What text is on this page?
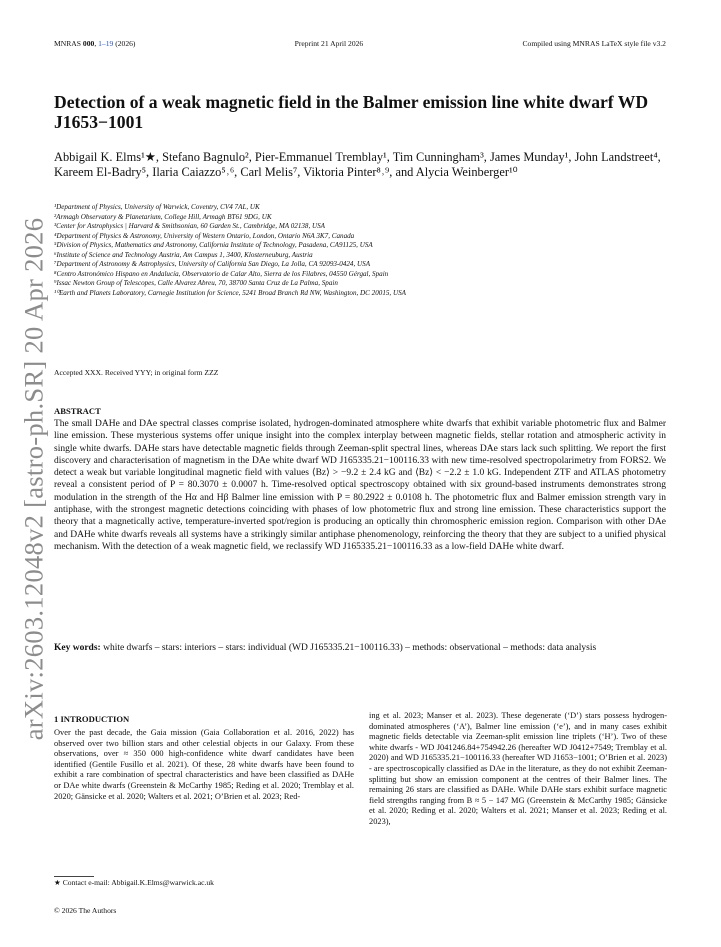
MNRAS 000, 1–19 (2026)	Preprint 21 April 2026	Compiled using MNRAS LaTeX style file v3.2
arXiv:2603.12048v2 [astro-ph.SR] 20 Apr 2026
Detection of a weak magnetic field in the Balmer emission line white dwarf WD J1653−1001
Abbigail K. Elms¹★, Stefano Bagnulo², Pier-Emmanuel Tremblay¹, Tim Cunningham³, James Munday¹, John Landstreet⁴, Kareem El-Badry⁵, Ilaria Caiazzo⁵˒⁶, Carl Melis⁷, Viktoria Pinter⁸˒⁹, and Alycia Weinberger¹⁰
¹Department of Physics, University of Warwick, Coventry, CV4 7AL, UK
²Armagh Observatory & Planetarium, College Hill, Armagh BT61 9DG, UK
³Center for Astrophysics | Harvard & Smithsonian, 60 Garden St., Cambridge, MA 02138, USA
⁴Department of Physics & Astronomy, University of Western Ontario, London, Ontario N6A 3K7, Canada
⁵Division of Physics, Mathematics and Astronomy, California Institute of Technology, Pasadena, CA91125, USA
⁶Institute of Science and Technology Austria, Am Campus 1, 3400, Klosterneuburg, Austria
⁷Department of Astronomy & Astrophysics, University of California San Diego, La Jolla, CA 92093-0424, USA
⁸Centro Astronómico Hispano en Andalucía, Observatorio de Calar Alto, Sierra de los Filabres, 04550 Gérgal, Spain
⁹Issac Newton Group of Telescopes, Calle Alvarez Abreu, 70, 38700 Santa Cruz de La Palma, Spain
¹⁰Earth and Planets Laboratory, Carnegie Institution for Science, 5241 Broad Branch Rd NW, Washington, DC 20015, USA
Accepted XXX. Received YYY; in original form ZZZ
ABSTRACT
The small DAHe and DAe spectral classes comprise isolated, hydrogen-dominated atmosphere white dwarfs that exhibit variable photometric flux and Balmer line emission. These mysterious systems offer unique insight into the complex interplay between magnetic fields, stellar rotation and atmospheric activity in single white dwarfs. DAHe stars have detectable magnetic fields through Zeeman-split spectral lines, whereas DAe stars lack such splitting. We report the first discovery and characterisation of magnetism in the DAe white dwarf WD J165335.21−100116.33 with new time-resolved spectropolarimetry from FORS2. We detect a weak but variable longitudinal magnetic field with values ⟨Bz⟩ > −9.2 ± 2.4 kG and ⟨Bz⟩ < −2.2 ± 1.0 kG. Independent ZTF and ATLAS photometry reveal a consistent period of P = 80.3070 ± 0.0007 h. Time-resolved optical spectroscopy obtained with six ground-based instruments demonstrates strong modulation in the strength of the Hα and Hβ Balmer line emission with P = 80.2922 ± 0.0108 h. The photometric flux and Balmer emission strength vary in antiphase, with the strongest magnetic detections coinciding with phases of low photometric flux and strong line emission. These characteristics support the theory that a magnetically active, temperature-inverted spot/region is producing an optically thin chromospheric emission region. Comparison with other DAe and DAHe white dwarfs reveals all systems have a strikingly similar antiphase phenomenology, reinforcing the theory that they are subject to a unified physical mechanism. With the detection of a weak magnetic field, we reclassify WD J165335.21−100116.33 as a low-field DAHe white dwarf.
Key words: white dwarfs – stars: interiors – stars: individual (WD J165335.21−100116.33) – methods: observational – methods: data analysis
1 INTRODUCTION
Over the past decade, the Gaia mission (Gaia Collaboration et al. 2016, 2022) has observed over two billion stars and other celestial objects in our Galaxy. From these observations, over ≈ 350 000 high-confidence white dwarf candidates have been identified (Gentile Fusillo et al. 2021). Of these, 28 white dwarfs have been found to exhibit a rare combination of spectral characteristics and have been classified as DAHe or DAe white dwarfs (Greenstein & McCarthy 1985; Reding et al. 2020; Tremblay et al. 2020; Gänsicke et al. 2020; Walters et al. 2021; O’Brien et al. 2023; Red-
ing et al. 2023; Manser et al. 2023). These degenerate (‘D’) stars possess hydrogen-dominated atmospheres (‘A’), Balmer line emission (‘e’), and in many cases exhibit magnetic fields detectable via Zeeman-split emission line triplets (‘H’). Two of these white dwarfs - WD J041246.84+754942.26 (hereafter WD J0412+7549; Tremblay et al. 2020) and WD J165335.21−100116.33 (hereafter WD J1653−1001; O’Brien et al. 2023) - are spectroscopically classified as DAe in the literature, as they do not exhibit Zeeman-splitting but show an emission component at the centres of their Balmer lines. The remaining 26 stars are classified as DAHe. While DAHe stars exhibit surface magnetic field strengths ranging from B ≈ 5 − 147 MG (Greenstein & McCarthy 1985; Gänsicke et al. 2020; Reding et al. 2020; Walters et al. 2021; Manser et al. 2023; Reding et al. 2023),
★ Contact e-mail: Abbigail.K.Elms@warwick.ac.uk
© 2026 The Authors
